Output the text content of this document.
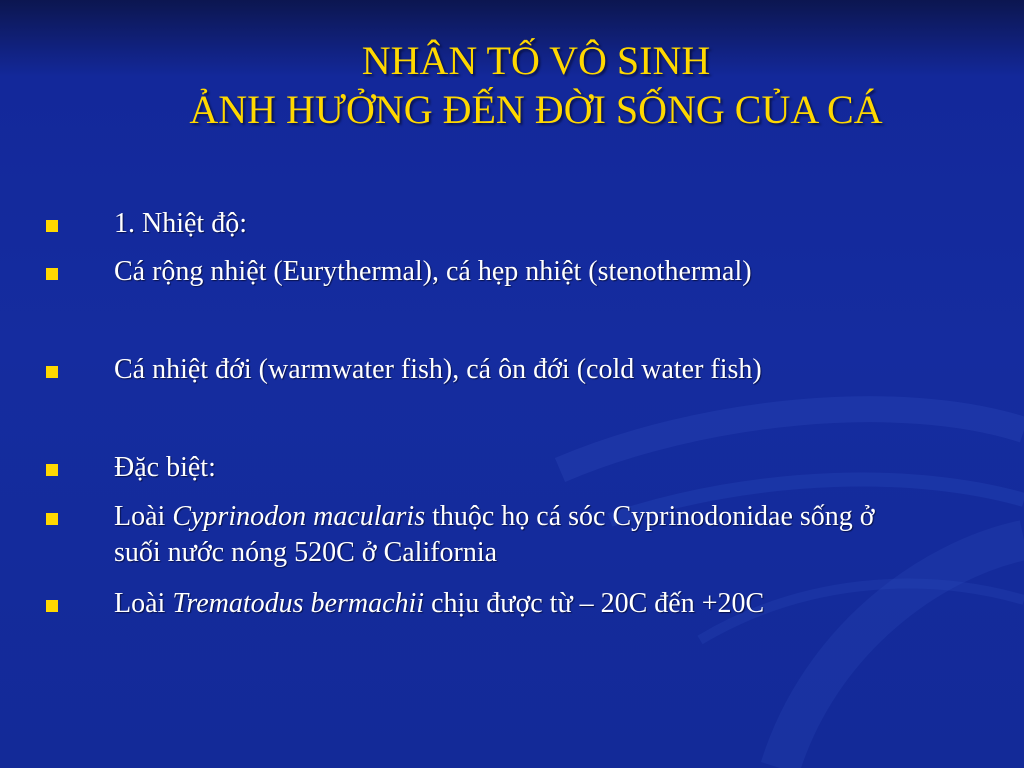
NHÂN TỐ VÔ SINH
ẢNH HƯỞNG ĐẾN ĐỜI SỐNG CỦA CÁ
1. Nhiệt độ:
Cá rộng nhiệt (Eurythermal), cá hẹp nhiệt (stenothermal)
Cá nhiệt đới (warmwater fish), cá ôn đới (cold water fish)
Đặc biệt:
Loài Cyprinodon macularis thuộc họ cá sóc Cyprinodonidae sống ở
suối nước nóng 520C ở California
Loài Trematodus bermachii chịu được từ – 20C đến +20C
